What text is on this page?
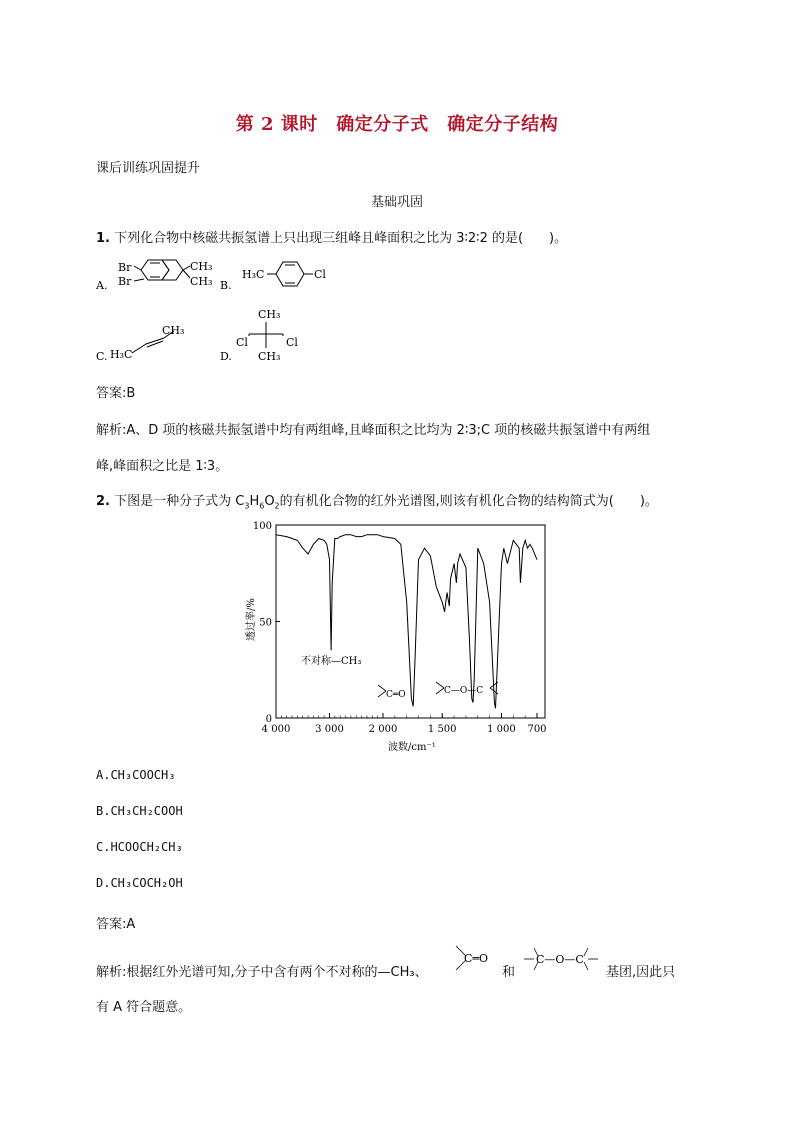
第 2 课时　确定分子式　确定分子结构
课后训练巩固提升
基础巩固
1. 下列化合物中核磁共振氢谱上只出现三组峰且峰面积之比为 3∶2∶2 的是(　　)。
A.
Br
Br
CH₃
CH₃ B.
H₃C	Cl
C. H₃C
CH₃
D.
CH₃
Cl	Cl
CH₃
答案:B
解析:A、D 项的核磁共振氢谱中均有两组峰,且峰面积之比均为 2∶3;C 项的核磁共振氢谱中有两组
峰,峰面积之比是 1∶3。
2. 下图是一种分子式为 $C_3H_6O_2$的有机化合物的红外光谱图,则该有机化合物的结构简式为(　　)。
0
50
100
4 000 3 000 2 000	1 500	1 000 700
透过率/%
波数/cm⁻¹
不对称—CH₃
C═O	C—O—C
A.CH₃COOCH₃
B.CH₃CH₂COOH
C.HCOOCH₂CH₃
D.CH₃COCH₂OH
答案:A
解析:根据红外光谱可知,分子中含有两个不对称的—CH₃、
C═O
和
C—O—C
基团,因此只
有 A 符合题意。
